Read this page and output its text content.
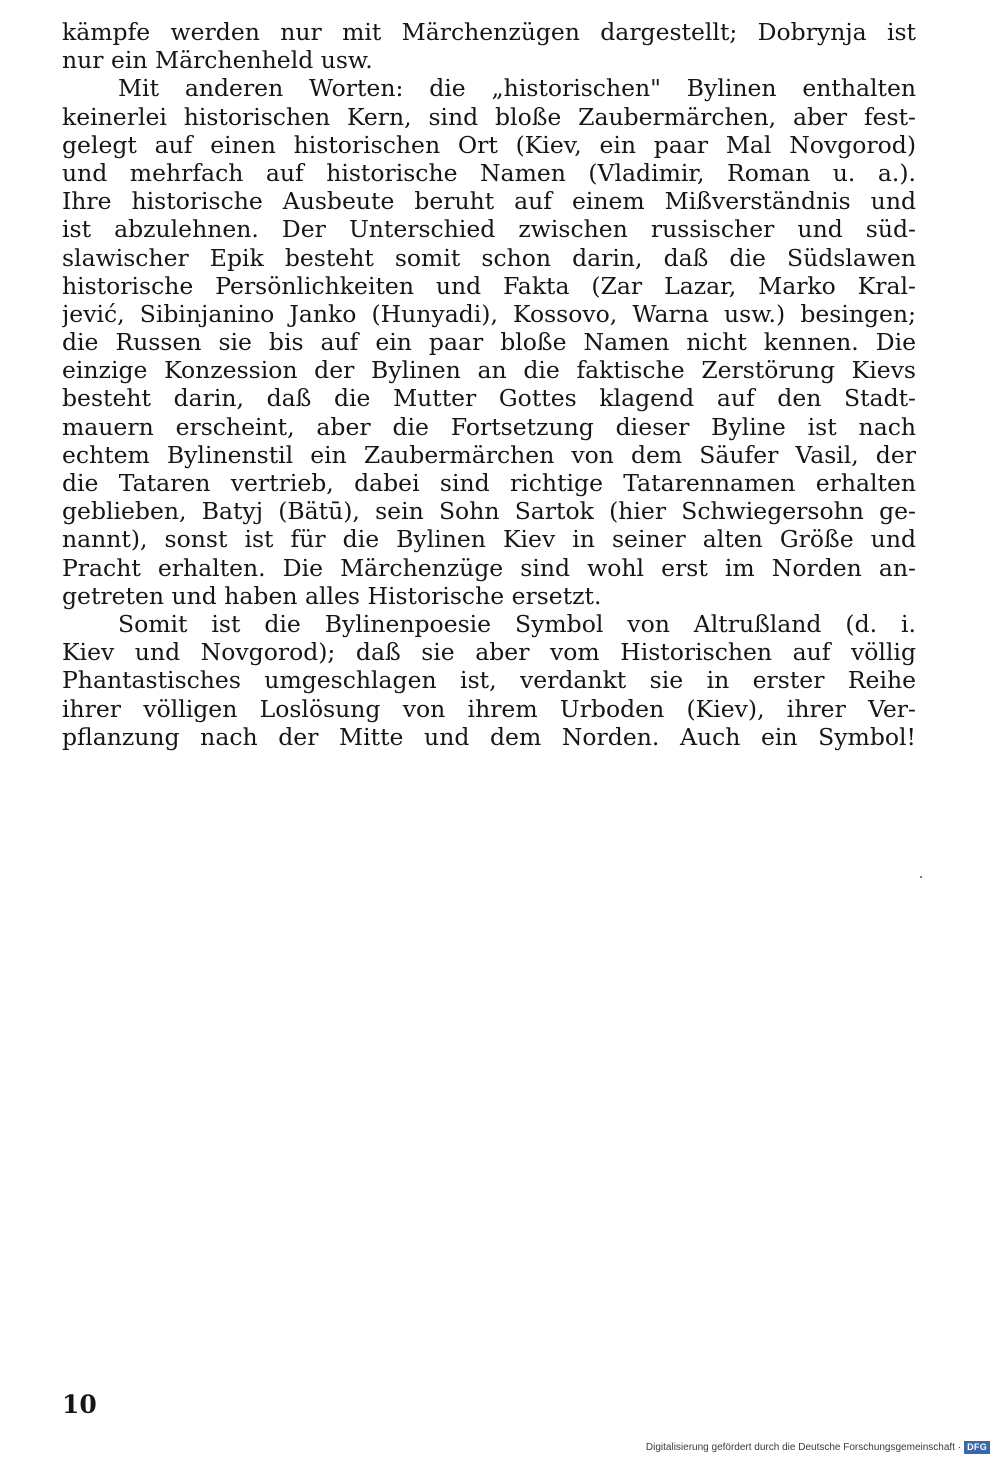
kämpfe werden nur mit Märchenzügen dargestellt; Dobrynja ist
nur ein Märchenheld usw.
Mit anderen Worten: die „historischen" Bylinen enthalten
keinerlei historischen Kern, sind bloße Zaubermärchen, aber fest-
gelegt auf einen historischen Ort (Kiev, ein paar Mal Novgorod)
und mehrfach auf historische Namen (Vladimir, Roman u. a.).
Ihre historische Ausbeute beruht auf einem Mißverständnis und
ist abzulehnen. Der Unterschied zwischen russischer und süd-
slawischer Epik besteht somit schon darin, daß die Südslawen
historische Persönlichkeiten und Fakta (Zar Lazar, Marko Kral-
jević, Sibinjanino Janko (Hunyadi), Kossovo, Warna usw.) besingen;
die Russen sie bis auf ein paar bloße Namen nicht kennen. Die
einzige Konzession der Bylinen an die faktische Zerstörung Kievs
besteht darin, daß die Mutter Gottes klagend auf den Stadt-
mauern erscheint, aber die Fortsetzung dieser Byline ist nach
echtem Bylinenstil ein Zaubermärchen von dem Säufer Vasil, der
die Tataren vertrieb, dabei sind richtige Tatarennamen erhalten
geblieben, Batyj (Bätū), sein Sohn Sartok (hier Schwiegersohn ge-
nannt), sonst ist für die Bylinen Kiev in seiner alten Größe und
Pracht erhalten. Die Märchenzüge sind wohl erst im Norden an-
getreten und haben alles Historische ersetzt.
Somit ist die Bylinenpoesie Symbol von Altrußland (d. i.
Kiev und Novgorod); daß sie aber vom Historischen auf völlig
Phantastisches umgeschlagen ist, verdankt sie in erster Reihe
ihrer völligen Loslösung von ihrem Urboden (Kiev), ihrer Ver-
pflanzung nach der Mitte und dem Norden. Auch ein Symbol!
10
Digitalisierung gefördert durch die Deutsche Forschungsgemeinschaft · DFG
